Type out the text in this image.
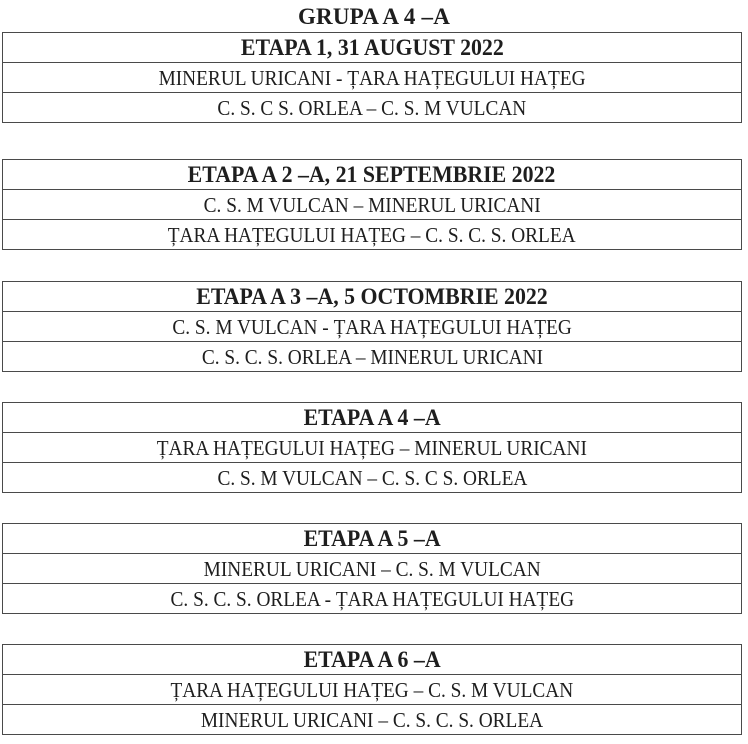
GRUPA A 4 –A
ETAPA 1, 31 AUGUST 2022
MINERUL URICANI - ȚARA HAȚEGULUI HAȚEG
C. S. C S. ORLEA – C. S. M VULCAN
ETAPA A 2 –A, 21 SEPTEMBRIE 2022
C. S. M VULCAN – MINERUL URICANI
ȚARA HAȚEGULUI HAȚEG – C. S. C. S. ORLEA
ETAPA A 3 –A, 5 OCTOMBRIE 2022
C. S. M VULCAN - ȚARA HAȚEGULUI HAȚEG
C. S. C. S. ORLEA – MINERUL URICANI
ETAPA A 4 –A
ȚARA HAȚEGULUI HAȚEG – MINERUL URICANI
C. S. M VULCAN – C. S. C S. ORLEA
ETAPA A 5 –A
MINERUL URICANI – C. S. M VULCAN
C. S. C. S. ORLEA - ȚARA HAȚEGULUI HAȚEG
ETAPA A 6 –A
ȚARA HAȚEGULUI HAȚEG – C. S. M VULCAN
MINERUL URICANI – C. S. C. S. ORLEA
